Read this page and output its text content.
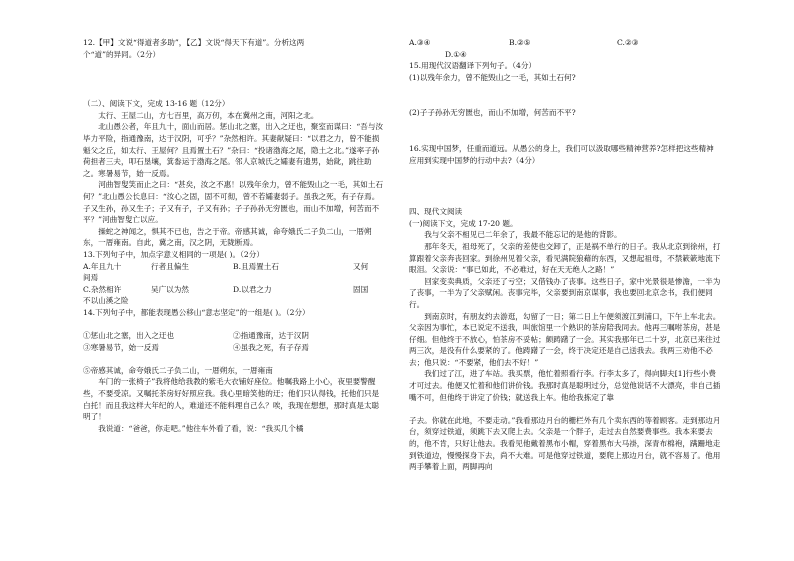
12.【甲】文说“得道者多助”，【乙】文说“得天下有道”。分析这两

个“道”的异同。（2分）

（二）、阅读下文，完成 13-16 题（12分）

太行、王屋二山，方七百里，高万仞，本在冀州之南，河阳之北。

北山愚公者，年且九十，面山而居。惩山北之塞，出入之迂也，聚室而谋曰：“吾与汝毕力平险，指通豫南，达于汉阴，可乎？”杂然相许。其妻献疑曰：“以君之力，曾不能损魁父之丘，如太行、王屋何？且焉置土石？”杂曰：“投诸渤海之尾，隐土之北。”遂率子孙荷担者三夫，叩石垦壤，箕畚运于渤海之尾。邻人京城氏之孀妻有遗男，始龀，跳往助之。寒暑易节，始一反焉。

河曲智叟笑而止之曰：“甚矣，汝之不惠！以残年余力，曾不能毁山之一毛，其如土石何？”北山愚公长息曰：“汝心之固，固不可彻，曾不若孀妻弱子。虽我之死，有子存焉。子又生孙，孙又生子；子又有子，子又有孙；子子孙孙无穷匮也，而山不加增，何苦而不平？”河曲智叟亡以应。

操蛇之神闻之，惧其不已也，告之于帝。帝感其诚，命夸娥氏二子负二山，一厝朔东，一厝雍南。自此，冀之南，汉之阴，无陇断焉。

13.下列句子中，加点字意义相同的一项是( )。（2分）

A.年且九十	行者且偏生	B.且焉置土石	又何

间焉

C.杂然相许	吴广以为然	D.以君之力	固国

不以山溪之险

14.下列句子中，都能表现愚公移山“意志坚定”的一组是( )。（2分）

①惩山北之塞，出入之迂也	②指通豫南，达于汉阴
③寒暑易节，始一反焉	④虽我之死，有子存焉

⑤帝感其诚，命夸娥氏二子负二山，一厝朔东，一厝雍南

车门的一张椅子”我将他给我教的紫毛大衣铺好座位。他嘱我路上小心，夜里要警醒些，不要受凉。又嘱托茶房好好照应我。我心里暗笑他的迂；他们只认得钱，托他们只是白托！而且我这样大年纪的人，难道还不能料理自己么？唉，我现在想想，那时真是太聪明了！

我说道：“爸爸，你走吧。”他往车外看了看，说：“我买几个橘

A.③④	B.②⑤	C.②③
D.①④

15.用现代汉语翻译下列句子。（4分）

(1)以残年余力，曾不能毁山之一毛，其如土石何?

(2)子子孙孙无穷匮也，而山不加增，何苦而不平?

16.实现中国梦，任重而道远。从愚公的身上，我们可以汲取哪些精神营养?怎样把这些精神应用到实现中国梦的行动中去?（4分）

四、现代文阅读

(一)阅读下文，完成 17-20 题。

我与父亲不相见已二年余了，我最不能忘记的是他的背影。

那年冬天，祖母死了，父亲的差使也交卸了，正是祸不单行的日子。我从北京到徐州，打算跟着父亲奔丧回家。到徐州见着父亲，看见满院狼藉的东西，又想起祖母，不禁簌簌地流下眼泪。父亲说：“事已如此，不必难过，好在天无绝人之路！”

回家变卖典质，父亲还了亏空；又借钱办了丧事。这些日子，家中光景很是惨澹，一半为了丧事，一半为了父亲赋闲。丧事完毕，父亲要到南京谋事，我也要回北京念书，我们便同行。

到南京时，有朋友约去游逛，勾留了一日；第二日上午便须渡江到浦口，下午上车北去。父亲因为事忙，本已说定不送我，叫旅馆里一个熟识的茶房陪我同去。他再三嘱咐茶房，甚是仔细。但他终于不放心，怕茶房不妥帖；颇踌躇了一会。其实我那年已二十岁，北京已来往过两三次，是没有什么要紧的了。他踌躇了一会，终于决定还是自己送我去。我两三劝他不必去；他只说：“不要紧，他们去不好！”

我们过了江，进了车站。我买票，他忙着照看行李。行李太多了，得向脚夫[1]行些小费才可过去。他便又忙着和他们讲价钱。我那时真是聪明过分，总觉他说话不大漂亮，非自己插嘴不可，但他终于讲定了价钱；就送我上车。他给我拣定了靠

子去。你就在此地，不要走动。”我看那边月台的栅栏外有几个卖东西的等着顾客。走到那边月台，须穿过铁道，须跳下去又爬上去。父亲是一个胖子，走过去自然要费事些。我本来要去的，他不肯，只好让他去。我看见他戴着黑布小帽，穿着黑布大马褂，深青布棉袍，蹒跚地走到铁道边，慢慢探身下去，尚不大难。可是他穿过铁道，要爬上那边月台，就不容易了。他用两手攀着上面，两脚再向
